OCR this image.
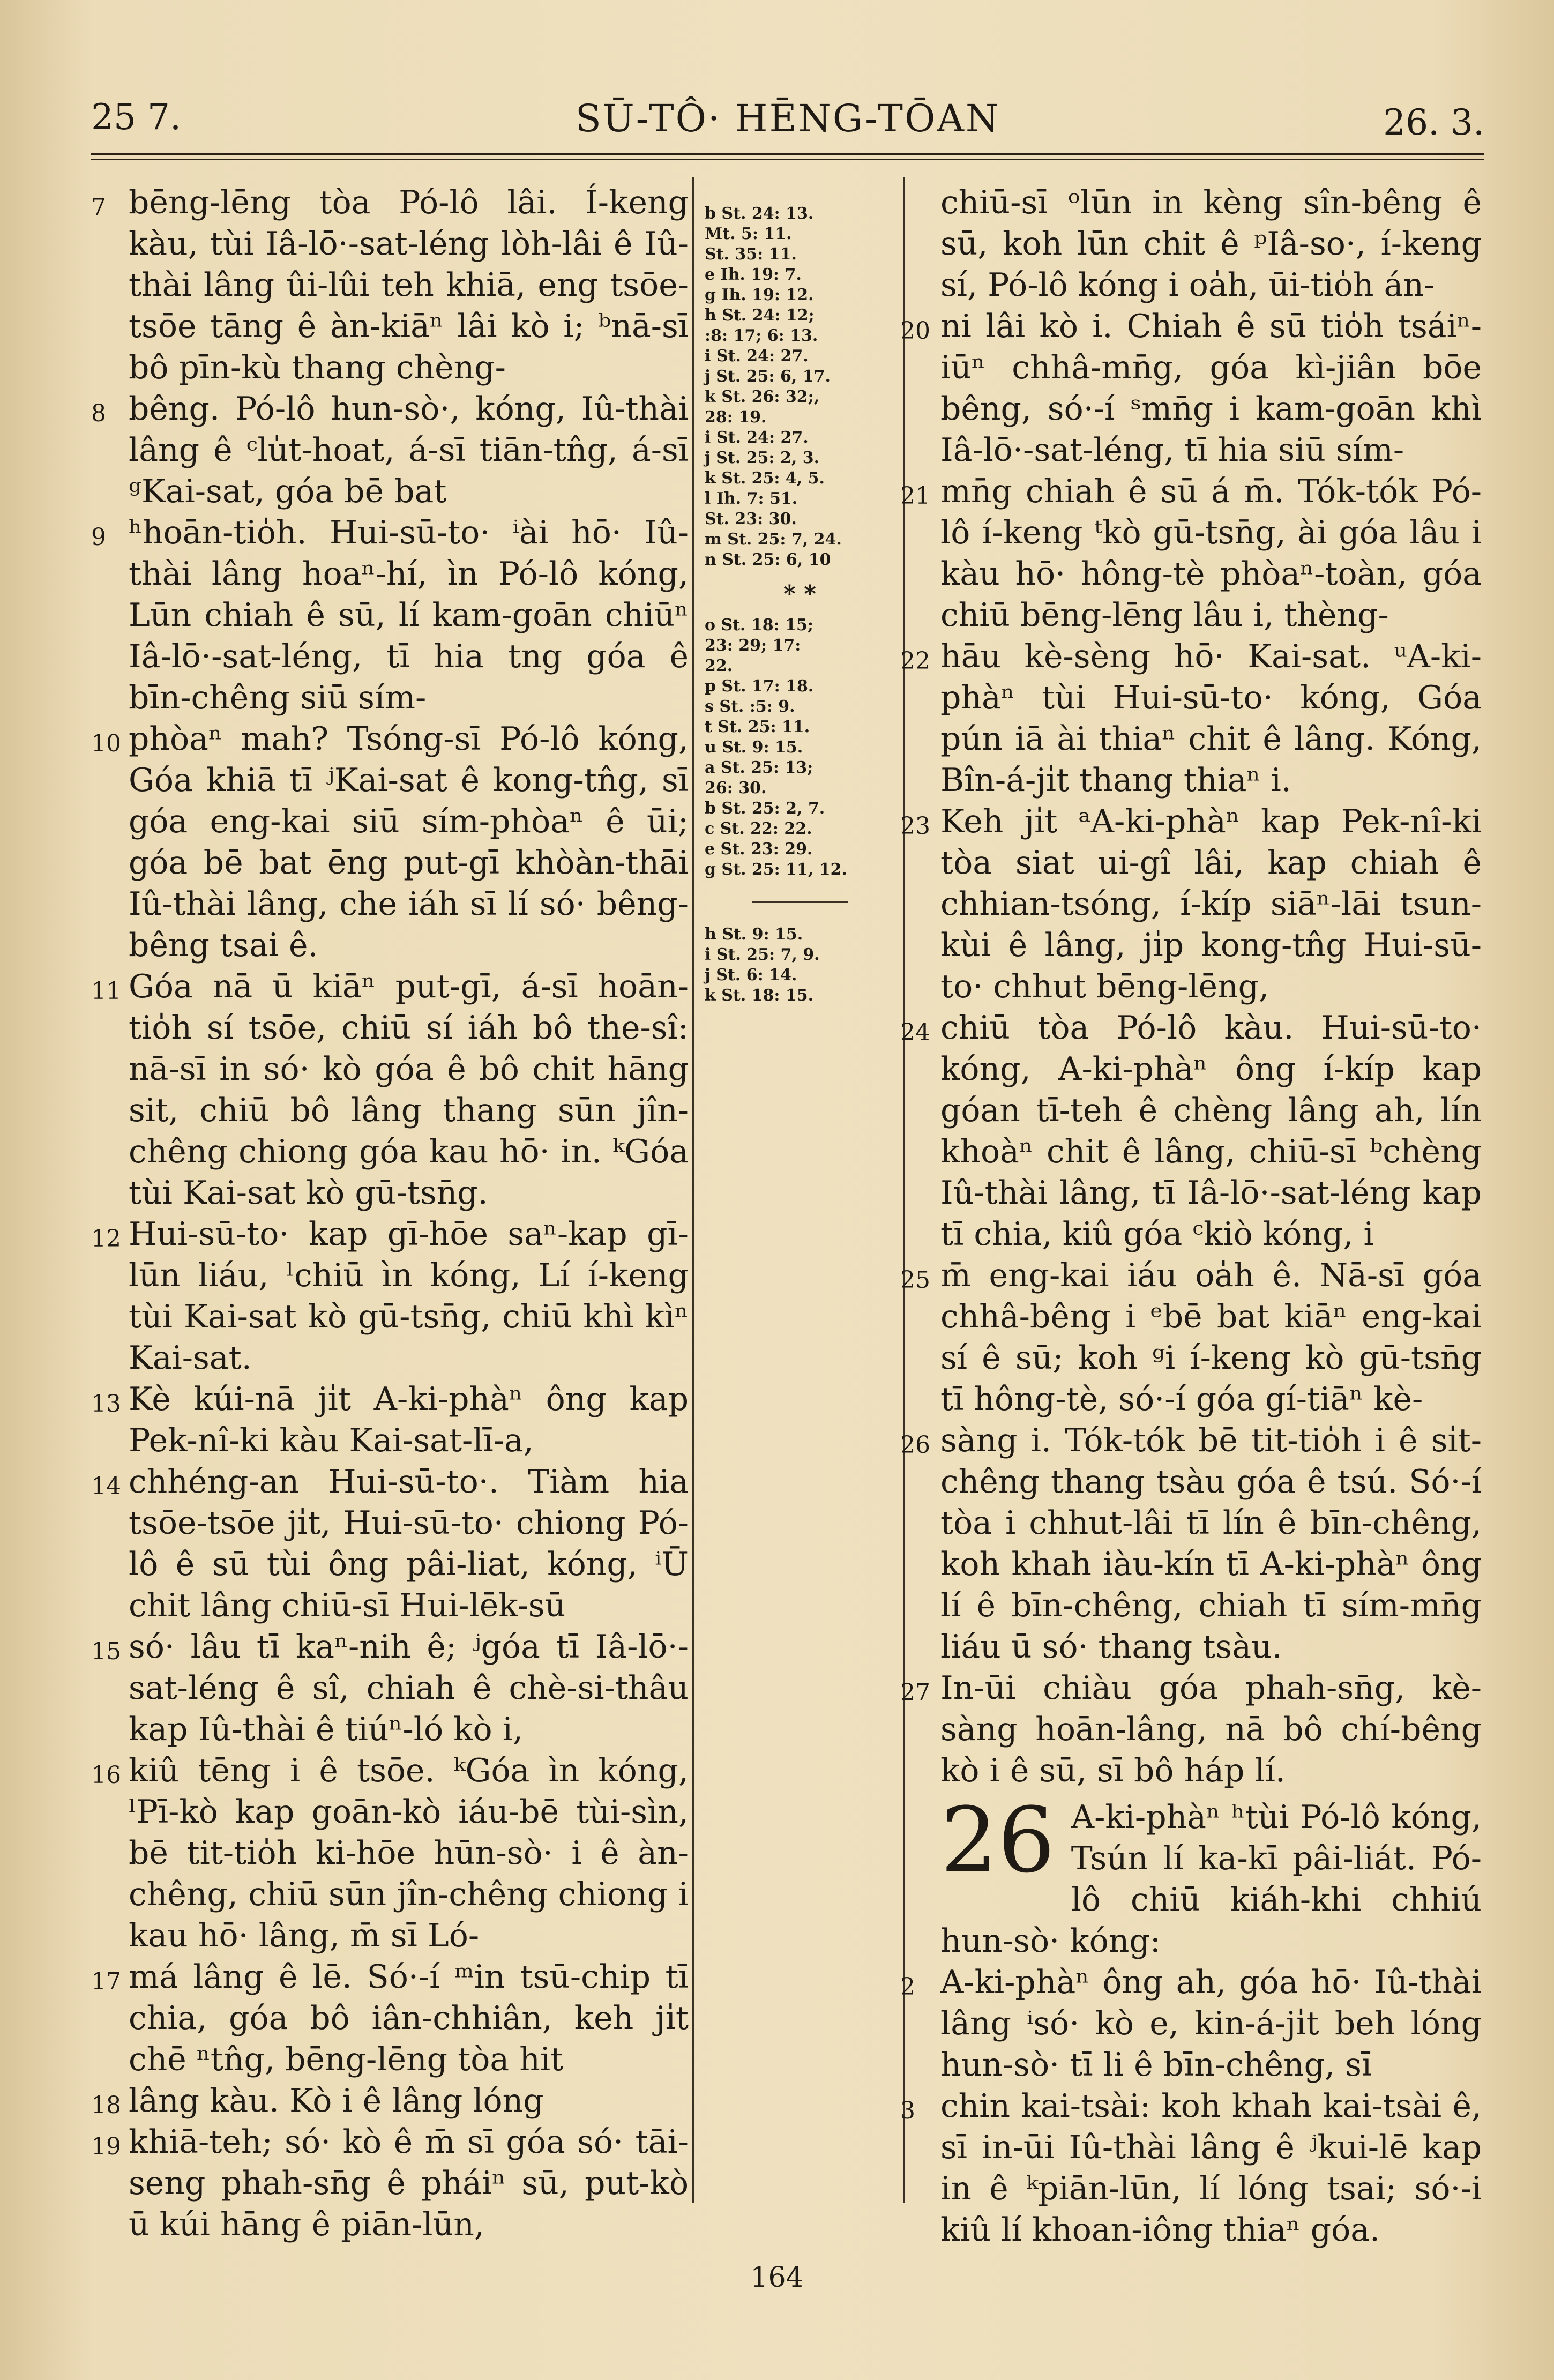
25 7.	SŪ-TÔ· HĒNG-TŌAN	26. 3.

7 bēng-lēng tòa Pó-lô lâi. Í-keng kàu, tùi Iâ-lō·-sat-léng lòh-lâi ê Iû-thài lâng ûi-lûi teh khiā, eng tsōe-tsōe tāng ê àn-kiāⁿ lâi kò i; ᵇnā-sī bô pīn-kù thang chèng-

8 bêng. Pó-lô hun-sò·, kóng, Iû-thài lâng ê ᶜlu̍t-hoat, á-sī tiān-tn̂g, á-sī ᵍKai-sat, góa bē bat

9 ʰhoān-tio̍h. Hui-sū-to· ⁱài hō· Iû-thài lâng hoaⁿ-hí, ìn Pó-lô kóng, Lūn chiah ê sū, lí kam-goān chiūⁿ Iâ-lō·-sat-léng, tī hia tng góa ê bīn-chêng siū sím-

10 phòaⁿ mah? Tsóng-sī Pó-lô kóng, Góa khiā tī ʲKai-sat ê kong-tn̂g, sī góa eng-kai siū sím-phòaⁿ ê ūi; góa bē bat ēng put-gī khòàn-thāi Iû-thài lâng, che iáh sī lí só· bêng-bêng tsai ê.

11 Góa nā ū kiāⁿ put-gī, á-sī hoān-tio̍h sí tsōe, chiū sí iáh bô the-sî: nā-sī in só· kò góa ê bô chit hāng sit, chiū bô lâng thang sūn jîn-chêng chiong góa kau hō· in. ᵏGóa tùi Kai-sat kò gū-tsn̄g.

12 Hui-sū-to· kap gī-hōe saⁿ-kap gī-lūn liáu, ˡchiū ìn kóng, Lí í-keng tùi Kai-sat kò gū-tsn̄g, chiū khì kìⁿ Kai-sat.

13 Kè kúi-nā ji̍t A-ki-phàⁿ ông kap Pek-nî-ki kàu Kai-sat-lī-a,

14 chhéng-an Hui-sū-to·. Tiàm hia tsōe-tsōe ji̍t, Hui-sū-to· chiong Pó-lô ê sū tùi ông pâi-liat, kóng, ⁱŪ chit lâng chiū-sī Hui-lēk-sū

15 só· lâu tī kaⁿ-nih ê; ʲgóa tī Iâ-lō·-sat-léng ê sî, chiah ê chè-si-thâu kap Iû-thài ê tiúⁿ-ló kò i,

16 kiû tēng i ê tsōe. ᵏGóa ìn kóng, ˡPī-kò kap goān-kò iáu-bē tùi-sìn, bē tit-tio̍h ki-hōe hūn-sò· i ê àn-chêng, chiū sūn jîn-chêng chiong i kau hō· lâng, m̄ sī Ló-

17 má lâng ê lē. Só·-í ᵐin tsū-chip tī chia, góa bô iân-chhiân, keh ji̍t chē ⁿtn̂g, bēng-lēng tòa hit

18 lâng kàu. Kò i ê lâng lóng

19 khiā-teh; só· kò ê m̄ sī góa só· tāi-seng phah-sn̄g ê pháiⁿ sū, put-kò ū kúi hāng ê piān-lūn,

b St. 24: 13.

Mt. 5: 11.

St. 35: 11.

e Ih. 19: 7.

g Ih. 19: 12.

h St. 24: 12;

:8: 17; 6: 13.

i St. 24: 27.

j St. 25: 6, 17.

k St. 26: 32;,

28: 19.

i St. 24: 27.

j St. 25: 2, 3.

k St. 25: 4, 5.

l Ih. 7: 51.

St. 23: 30.

m St. 25: 7, 24.

n St. 25: 6, 10

* *

o St. 18: 15;

23: 29; 17:

22.

p St. 17: 18.

s St. :5: 9.

t St. 25: 11.

u St. 9: 15.

a St. 25: 13;

26: 30.

b St. 25: 2, 7.

c St. 22: 22.

e St. 23: 29.

g St. 25: 11, 12.

h St. 9: 15.

i St. 25: 7, 9.

j St. 6: 14.

k St. 18: 15.

chiū-sī ᵒlūn in kèng sîn-bêng ê sū, koh lūn chit ê ᵖIâ-so·, í-keng sí, Pó-lô kóng i oa̍h, ūi-tio̍h án-

20 ni lâi kò i. Chiah ê sū tio̍h tsáiⁿ-iūⁿ chhâ-mn̄g, góa kì-jiân bōe bêng, só·-í ˢmn̄g i kam-goān khì Iâ-lō·-sat-léng, tī hia siū sím-

21 mn̄g chiah ê sū á m̄. Tók-tók Pó-lô í-keng ᵗkò gū-tsn̄g, ài góa lâu i kàu hō· hông-tè phòaⁿ-toàn, góa chiū bēng-lēng lâu i, thèng-

22 hāu kè-sèng hō· Kai-sat. ᵘA-ki-phàⁿ tùi Hui-sū-to· kóng, Góa pún iā ài thiaⁿ chit ê lâng. Kóng, Bîn-á-ji̍t thang thiaⁿ i.

23 Keh ji̍t ᵃA-ki-phàⁿ kap Pek-nî-ki tòa siat ui-gî lâi, kap chiah ê chhian-tsóng, í-kíp siāⁿ-lāi tsun-kùi ê lâng, ji̍p kong-tn̂g Hui-sū-to· chhut bēng-lēng,

24 chiū tòa Pó-lô kàu. Hui-sū-to· kóng, A-ki-phàⁿ ông í-kíp kap góan tī-teh ê chèng lâng ah, lín khoàⁿ chit ê lâng, chiū-sī ᵇchèng Iû-thài lâng, tī Iâ-lō·-sat-léng kap tī chia, kiû góa ᶜkiò kóng, i

25 m̄ eng-kai iáu oa̍h ê. Nā-sī góa chhâ-bêng i ᵉbē bat kiāⁿ eng-kai sí ê sū; koh ᵍi í-keng kò gū-tsn̄g tī hông-tè, só·-í góa gí-tiāⁿ kè-

26 sàng i. Tók-tók bē tit-tio̍h i ê si̍t-chêng thang tsàu góa ê tsú. Só·-í tòa i chhut-lâi tī lín ê bīn-chêng, koh khah iàu-kín tī A-ki-phàⁿ ông lí ê bīn-chêng, chiah tī sím-mn̄g liáu ū só· thang tsàu.

27 In-ūi chiàu góa phah-sn̄g, kè-sàng hoān-lâng, nā bô chí-bêng kò i ê sū, sī bô háp lí.

26 A-ki-phàⁿ ʰtùi Pó-lô kóng, Tsún lí ka-kī pâi-liát. Pó-lô chiū kiáh-khi chhiú hun-sò· kóng:

2 A-ki-phàⁿ ông ah, góa hō· Iû-thài lâng ⁱsó· kò e, kin-á-ji̍t beh lóng hun-sò· tī li ê bīn-chêng, sī

3 chin kai-tsài: koh khah kai-tsài ê, sī in-ūi Iû-thài lâng ê ʲkui-lē kap in ê ᵏpiān-lūn, lí lóng tsai; só·-i kiû lí khoan-iông thiaⁿ góa.

164
